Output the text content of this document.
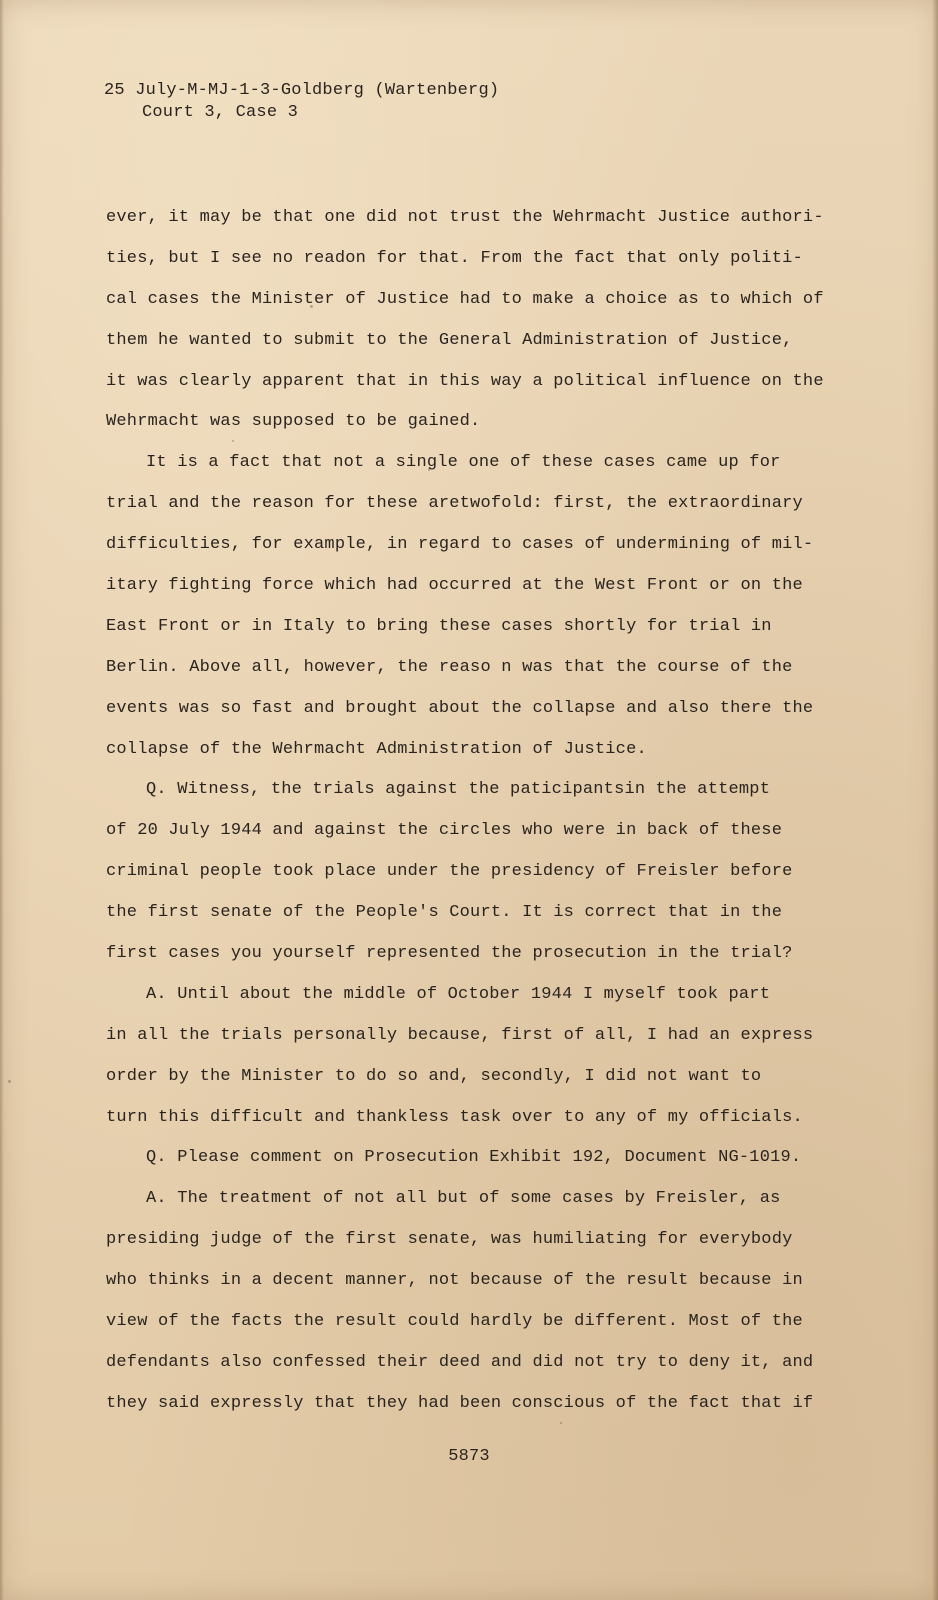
25 July-M-MJ-1-3-Goldberg (Wartenberg)
Court 3, Case 3
ever, it may be that one did not trust the Wehrmacht Justice authori-
ties, but I see no readon for that. From the fact that only politi-
cal cases the Minister of Justice had to make a choice as to which of
them he wanted to submit to the General Administration of Justice,
it was clearly apparent that in this way a political influence on the
Wehrmacht was supposed to be gained.
It is a fact that not a single one of these cases came up for
trial and the reason for these aretwofold: first, the extraordinary
difficulties, for example, in regard to cases of undermining of mil-
itary fighting force which had occurred at the West Front or on the
East Front or in Italy to bring these cases shortly for trial in
Berlin. Above all, however, the reaso n was that the course of the
events was so fast and brought about the collapse and also there the
collapse of the Wehrmacht Administration of Justice.
Q. Witness, the trials against the paticipantsin the attempt
of 20 July 1944 and against the circles who were in back of these
criminal people took place under the presidency of Freisler before
the first senate of the People's Court. It is correct that in the
first cases you yourself represented the prosecution in the trial?
A. Until about the middle of October 1944 I myself took part
in all the trials personally because, first of all, I had an express
order by the Minister to do so and, secondly, I did not want to
turn this difficult and thankless task over to any of my officials.
Q. Please comment on Prosecution Exhibit 192, Document NG-1019.
A. The treatment of not all but of some cases by Freisler, as
presiding judge of the first senate, was humiliating for everybody
who thinks in a decent manner, not because of the result because in
view of the facts the result could hardly be different. Most of the
defendants also confessed their deed and did not try to deny it, and
they said expressly that they had been conscious of the fact that if
5873
